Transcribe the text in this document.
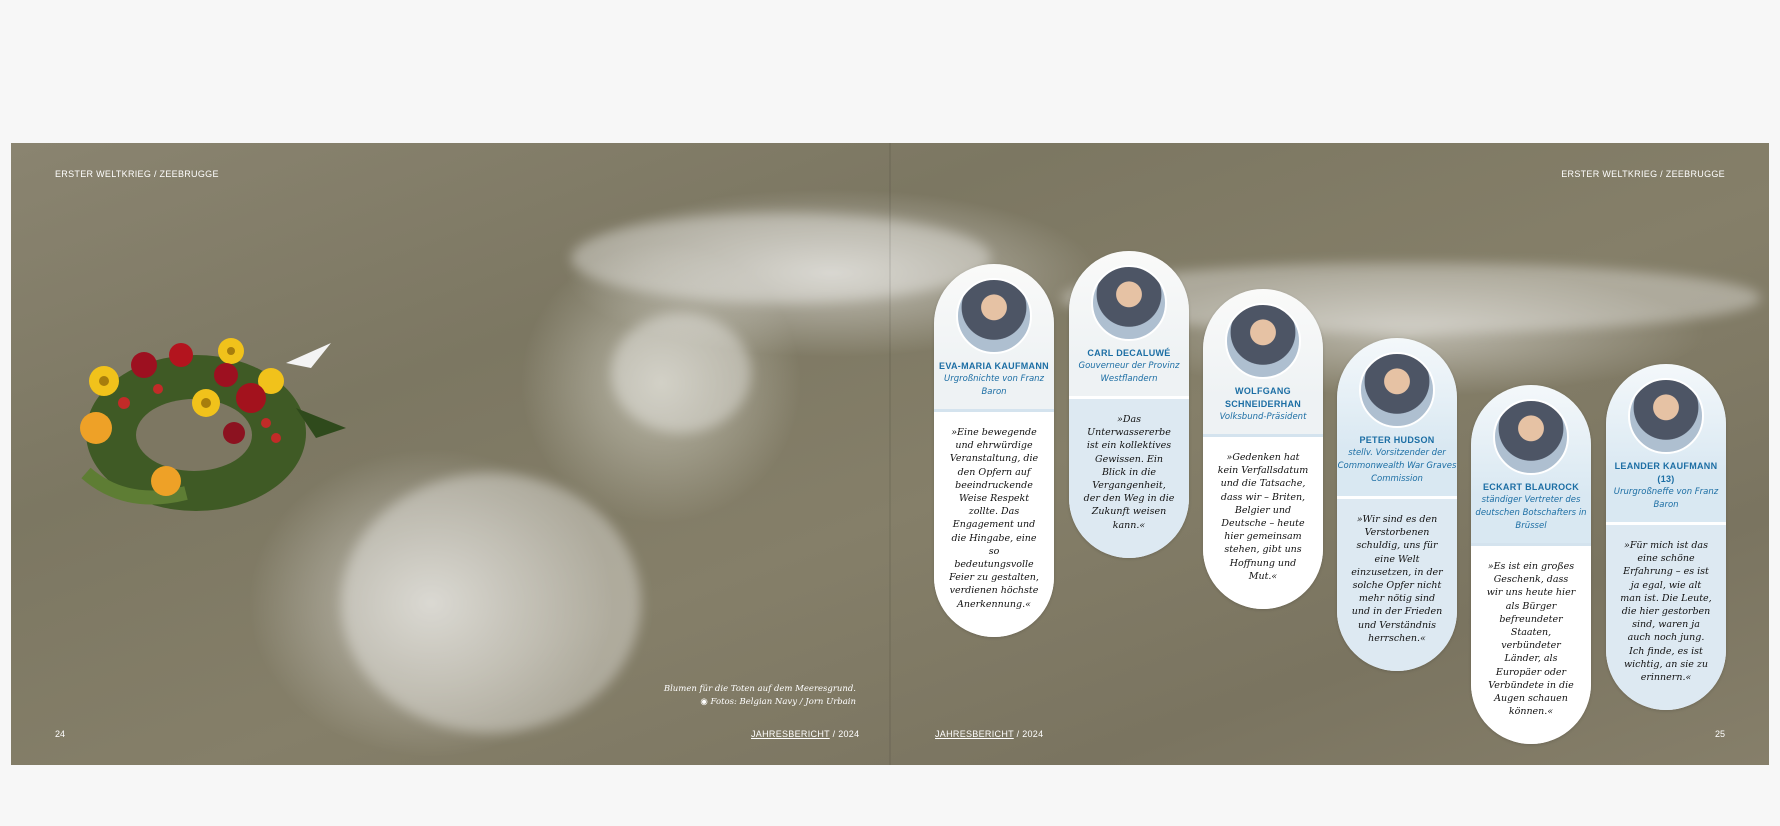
ERSTER WELTKRIEG / ZEEBRUGGE	ERSTER WELTKRIEG / ZEEBRUGGE
Blumen für die Toten auf dem Meeresgrund.
◉ Fotos: Belgian Navy / Jorn Urbain
24	25
JAHRESBERICHT / 2024	JAHRESBERICHT / 2024
EVA-MARIA KAUFMANN
Urgroßnichte von Franz Baron
»Eine bewegende und ehrwürdige Veranstaltung, die den Opfern auf beeindruckende Weise Respekt zollte. Das Engagement und die Hingabe, eine so bedeutungsvolle Feier zu gestalten, verdienen höchste Anerkennung.«
CARL DECALUWÉ
Gouverneur der Provinz Westflandern
»Das Unterwassererbe ist ein kollektives Gewissen. Ein Blick in die Vergangenheit, der den Weg in die Zukunft weisen kann.«
WOLFGANG SCHNEIDERHAN
Volksbund-Präsident
»Gedenken hat kein Verfallsdatum und die Tatsache, dass wir – Briten, Belgier und Deutsche – heute hier gemeinsam stehen, gibt uns Hoffnung und Mut.«
PETER HUDSON
stellv. Vorsitzender der Commonwealth War Graves Commission
»Wir sind es den Verstorbenen schuldig, uns für eine Welt einzusetzen, in der solche Opfer nicht mehr nötig sind und in der Frieden und Verständnis herrschen.«
ECKART BLAUROCK
ständiger Vertreter des deutschen Botschafters in Brüssel
»Es ist ein großes Geschenk, dass wir uns heute hier als Bürger befreundeter Staaten, verbündeter Länder, als Europäer oder Verbündete in die Augen schauen können.«
LEANDER KAUFMANN (13)
Ururgroßneffe von Franz Baron
»Für mich ist das eine schöne Erfahrung – es ist ja egal, wie alt man ist. Die Leute, die hier gestorben sind, waren ja auch noch jung. Ich finde, es ist wichtig, an sie zu erinnern.«
